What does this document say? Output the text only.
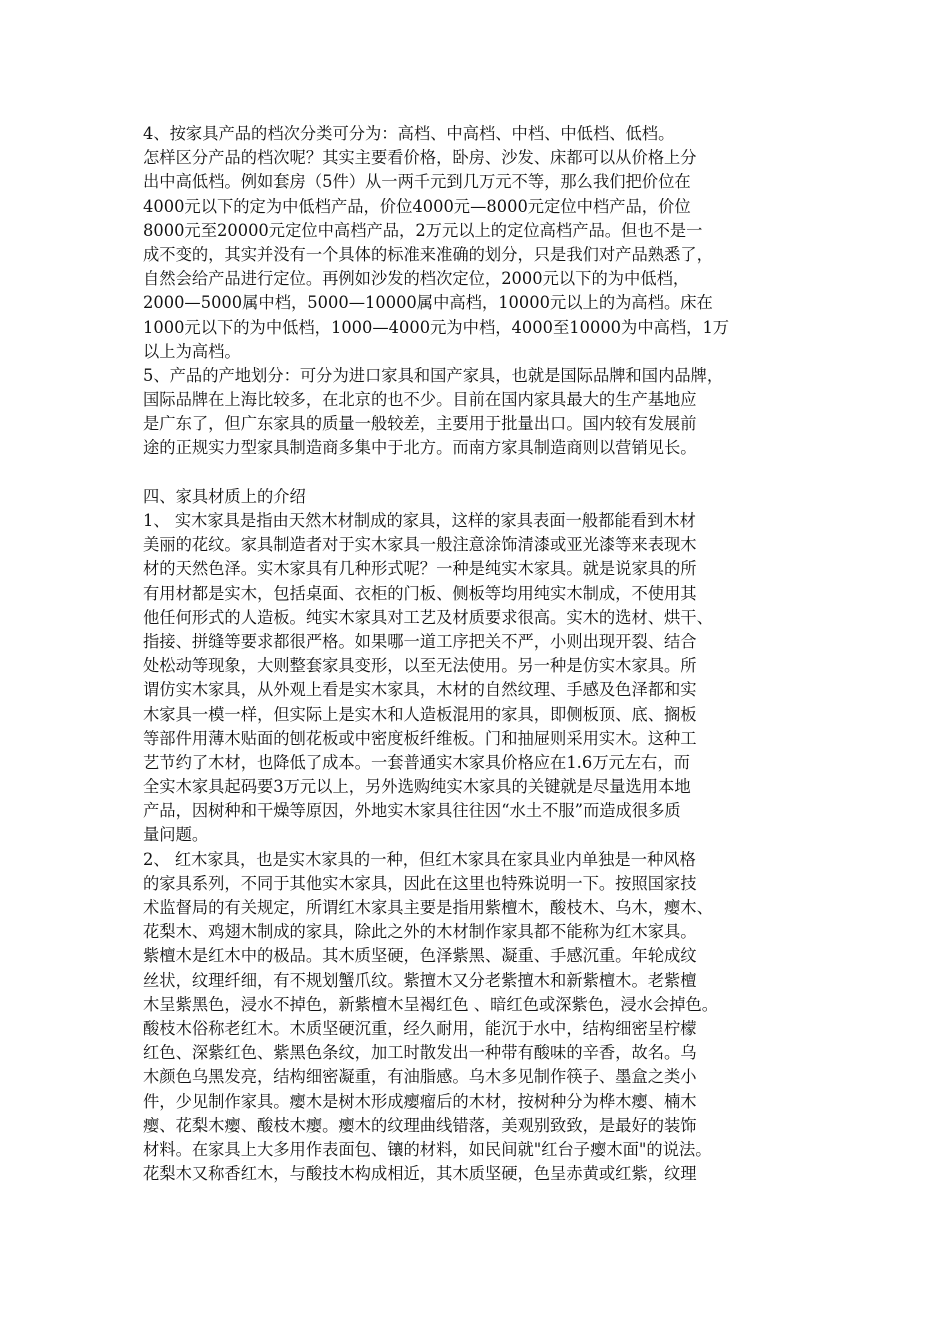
4、按家具产品的档次分类可分为：高档、中高档、中档、中低档、低档。
怎样区分产品的档次呢？其实主要看价格，卧房、沙发、床都可以从价格上分
出中高低档。例如套房（5件）从一两千元到几万元不等，那么我们把价位在
4000元以下的定为中低档产品，价位4000元—8000元定位中档产品，价位
8000元至20000元定位中高档产品，2万元以上的定位高档产品。但也不是一
成不变的，其实并没有一个具体的标准来准确的划分，只是我们对产品熟悉了，
自然会给产品进行定位。再例如沙发的档次定位，2000元以下的为中低档，
2000—5000属中档，5000—10000属中高档，10000元以上的为高档。床在
1000元以下的为中低档，1000—4000元为中档，4000至10000为中高档，1万
以上为高档。
5、产品的产地划分：可分为进口家具和国产家具，也就是国际品牌和国内品牌，
国际品牌在上海比较多，在北京的也不少。目前在国内家具最大的生产基地应
是广东了，但广东家具的质量一般较差，主要用于批量出口。国内较有发展前
途的正规实力型家具制造商多集中于北方。而南方家具制造商则以营销见长。
四、家具材质上的介绍
1、 实木家具是指由天然木材制成的家具，这样的家具表面一般都能看到木材
美丽的花纹。家具制造者对于实木家具一般注意涂饰清漆或亚光漆等来表现木
材的天然色泽。实木家具有几种形式呢？一种是纯实木家具。就是说家具的所
有用材都是实木，包括桌面、衣柜的门板、侧板等均用纯实木制成，不使用其
他任何形式的人造板。纯实木家具对工艺及材质要求很高。实木的选材、烘干、
指接、拼缝等要求都很严格。如果哪一道工序把关不严，小则出现开裂、结合
处松动等现象，大则整套家具变形，以至无法使用。另一种是仿实木家具。所
谓仿实木家具，从外观上看是实木家具，木材的自然纹理、手感及色泽都和实
木家具一模一样，但实际上是实木和人造板混用的家具，即侧板顶、底、搁板
等部件用薄木贴面的刨花板或中密度板纤维板。门和抽屉则采用实木。这种工
艺节约了木材，也降低了成本。一套普通实木家具价格应在1.6万元左右，而
全实木家具起码要3万元以上，另外选购纯实木家具的关键就是尽量选用本地
产品，因树种和干燥等原因，外地实木家具往往因“水土不服”而造成很多质
量问题。
2、 红木家具，也是实木家具的一种，但红木家具在家具业内单独是一种风格
的家具系列，不同于其他实木家具，因此在这里也特殊说明一下。按照国家技
术监督局的有关规定，所谓红木家具主要是指用紫檀木，酸枝木、乌木，瘿木、
花梨木、鸡翅木制成的家具，除此之外的木材制作家具都不能称为红木家具。
紫檀木是红木中的极品。其木质坚硬，色泽紫黑、凝重、手感沉重。年轮成纹
丝状，纹理纤细，有不规划蟹爪纹。紫擅木又分老紫擅木和新紫檀木。老紫檀
木呈紫黑色，浸水不掉色，新紫檀木呈褐红色 、暗红色或深紫色，浸水会掉色。
酸枝木俗称老红木。木质坚硬沉重，经久耐用，能沉于水中，结构细密呈柠檬
红色、深紫红色、紫黑色条纹，加工时散发出一种带有酸味的辛香，故名。乌
木颜色乌黑发亮，结构细密凝重，有油脂感。乌木多见制作筷子、墨盒之类小
件，少见制作家具。瘿木是树木形成瘿瘤后的木材，按树种分为桦木瘿、楠木
瘿、花梨木瘿、酸枝木瘿。瘿木的纹理曲线错落，美观别致致，是最好的装饰
材料。在家具上大多用作表面包、镶的材料，如民间就"红台子瘿木面"的说法。
花梨木又称香红木，与酸技木构成相近，其木质坚硬，色呈赤黄或红紫，纹理
